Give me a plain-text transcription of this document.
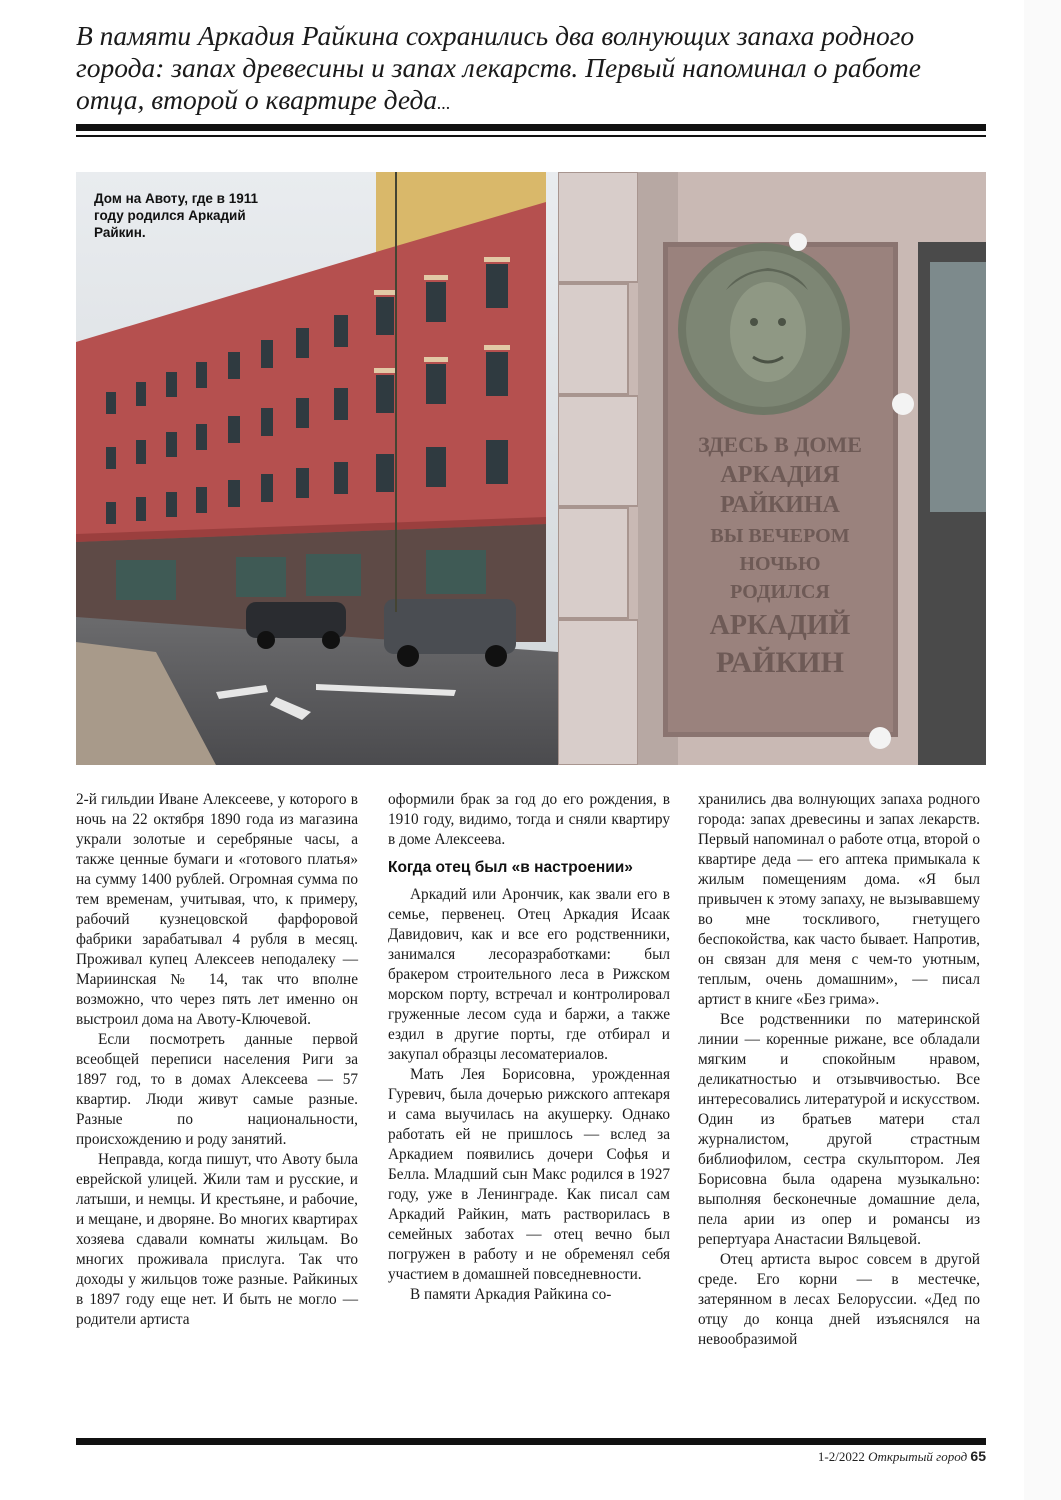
В памяти Аркадия Райкина сохранились два волнующих запаха родного города: запах древесины и запах лекарств. Первый напоминал о работе отца, второй о квартире деда...

Дом на Авоту, где в 1911 году родился Аркадий Райкин.
ЗДЕСЬ В ДОМЕ
АРКАДИЯ
РАЙКИНА
ВЫ ВЕЧЕРОМ
НОЧЬЮ
РОДИЛСЯ
АРКАДИЙ
РАЙКИН

2-й гильдии Иване Алексееве, у которого в ночь на 22 октября 1890 года из магазина украли золотые и серебряные часы, а также ценные бумаги и «готового платья» на сумму 1400 рублей. Огромная сумма по тем временам, учитывая, что, к примеру, рабочий кузнецовской фарфоровой фабрики зарабатывал 4 рубля в месяц. Проживал купец Алексеев неподалеку — Мариинская № 14, так что вполне возможно, что через пять лет именно он выстроил дома на Авоту-Ключевой.

Если посмотреть данные первой всеобщей переписи населения Риги за 1897 год, то в домах Алексеева — 57 квартир. Люди живут самые разные. Разные по национальности, происхождению и роду занятий.

Неправда, когда пишут, что Авоту была еврейской улицей. Жили там и русские, и латыши, и немцы. И крестьяне, и рабочие, и мещане, и дворяне. Во многих квартирах хозяева сдавали комнаты жильцам. Во многих проживала прислуга. Так что доходы у жильцов тоже разные. Райкиных в 1897 году еще нет. И быть не могло — родители артиста

оформили брак за год до его рождения, в 1910 году, видимо, тогда и сняли квартиру в доме Алексеева.

Когда отец был «в настроении»

Аркадий или Арончик, как звали его в семье, первенец. Отец Аркадия Исаак Давидович, как и все его родственники, занимался лесоразработками: был бракером строительного леса в Рижском морском порту, встречал и контролировал груженные лесом суда и баржи, а также ездил в другие порты, где отбирал и закупал образцы лесоматериалов.

Мать Лея Борисовна, урожденная Гуревич, была дочерью рижского аптекаря и сама выучилась на акушерку. Однако работать ей не пришлось — вслед за Аркадием появились дочери Софья и Белла. Младший сын Макс родился в 1927 году, уже в Ленинграде. Как писал сам Аркадий Райкин, мать растворилась в семейных заботах — отец вечно был погружен в работу и не обременял себя участием в домашней повседневности.

В памяти Аркадия Райкина со-

хранились два волнующих запаха родного города: запах древесины и запах лекарств. Первый напоминал о работе отца, второй о квартире деда — его аптека примыкала к жилым помещениям дома. «Я был привычен к этому запаху, не вызывавшему во мне тоскливого, гнетущего беспокойства, как часто бывает. Напротив, он связан для меня с чем-то уютным, теплым, очень домашним», — писал артист в книге «Без грима».

Все родственники по материнской линии — коренные рижане, все обладали мягким и спокойным нравом, деликатностью и отзывчивостью. Все интересовались литературой и искусством. Один из братьев матери стал журналистом, другой страстным библиофилом, сестра скульптором. Лея Борисовна была одарена музыкально: выполняя бесконечные домашние дела, пела арии из опер и романсы из репертуара Анастасии Вяльцевой.

Отец артиста вырос совсем в другой среде. Его корни — в местечке, затерянном в лесах Белоруссии. «Дед по отцу до конца дней изъяснялся на невообразимой

1-2/2022 Открытый город 65
